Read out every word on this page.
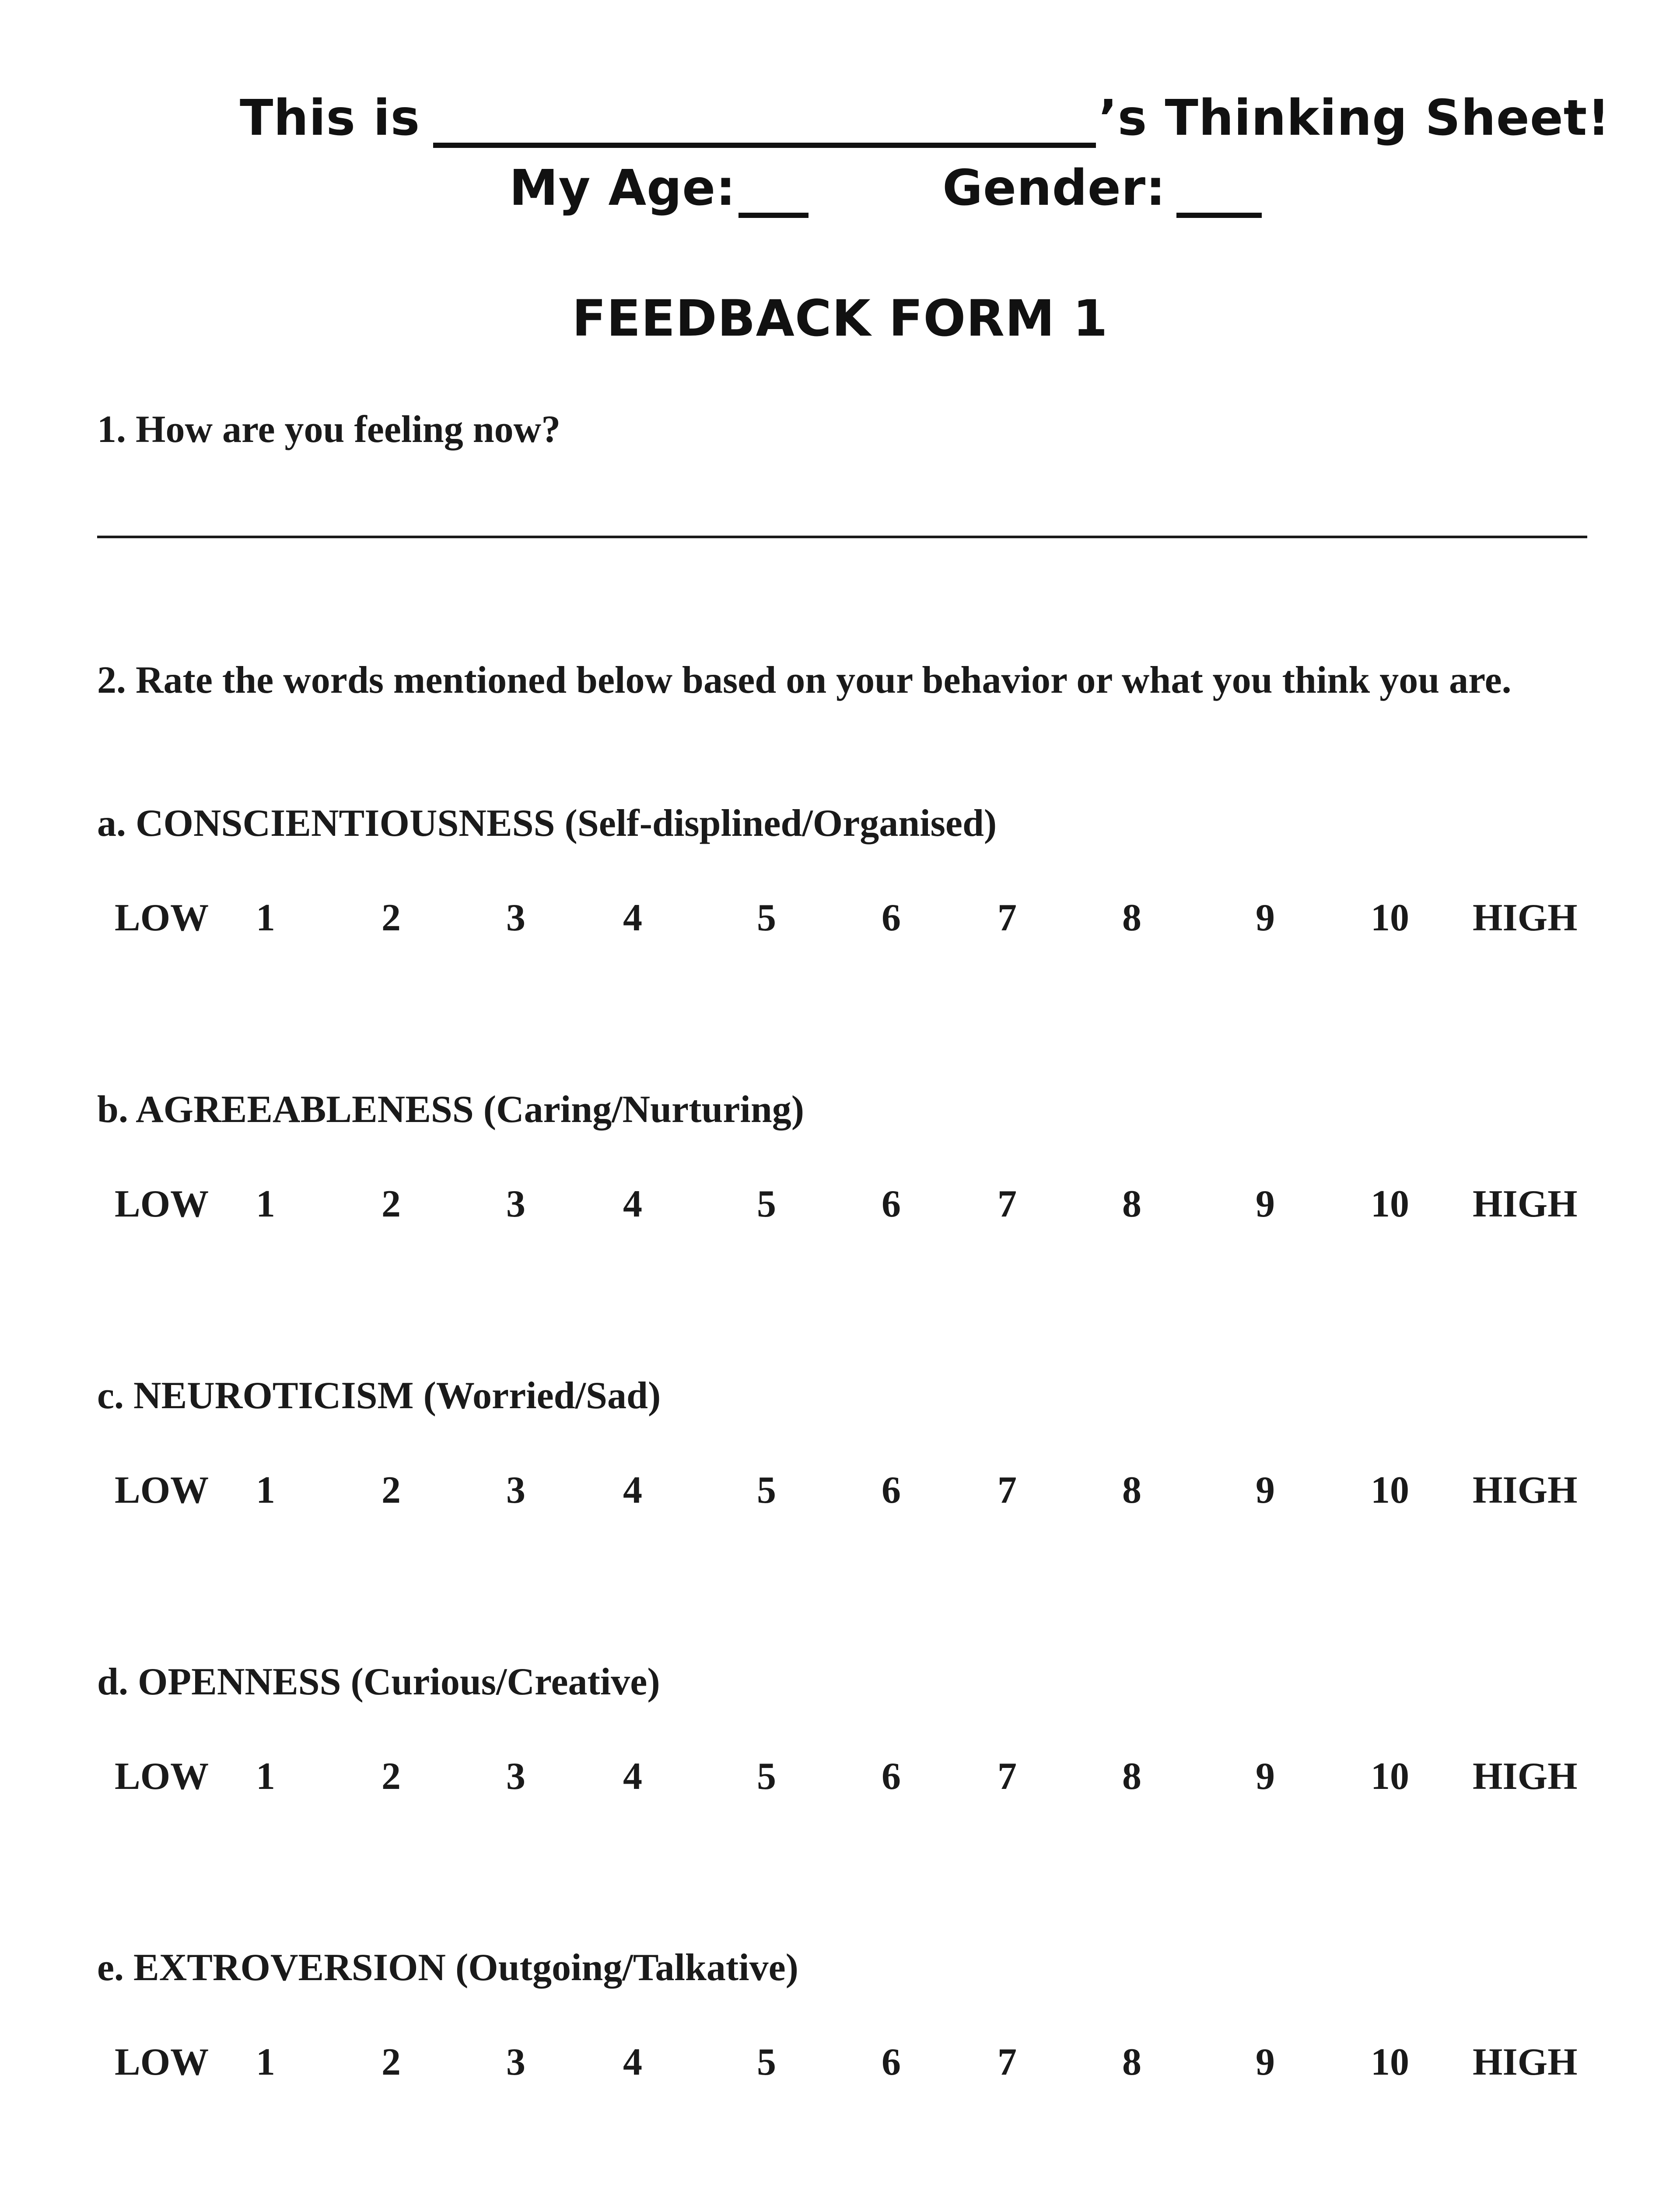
This is	’s Thinking Sheet!
My Age:	Gender:
FEEDBACK FORM 1
1. How are you feeling now?
2. Rate the words mentioned below based on your behavior or what you think you are.
a. CONSCIENTIOUSNESS (Self-displined/Organised)
LOW 1	2	3	4	5	6	7	8	9 10 HIGH
b. AGREEABLENESS (Caring/Nurturing)
LOW 1	2	3	4	5	6	7	8	9 10 HIGH
c. NEUROTICISM (Worried/Sad)
LOW 1	2	3	4	5	6	7	8	9 10 HIGH
d. OPENNESS (Curious/Creative)
LOW 1	2	3	4	5	6	7	8	9 10 HIGH
e. EXTROVERSION (Outgoing/Talkative)
LOW 1	2	3	4	5	6	7	8	9 10 HIGH
